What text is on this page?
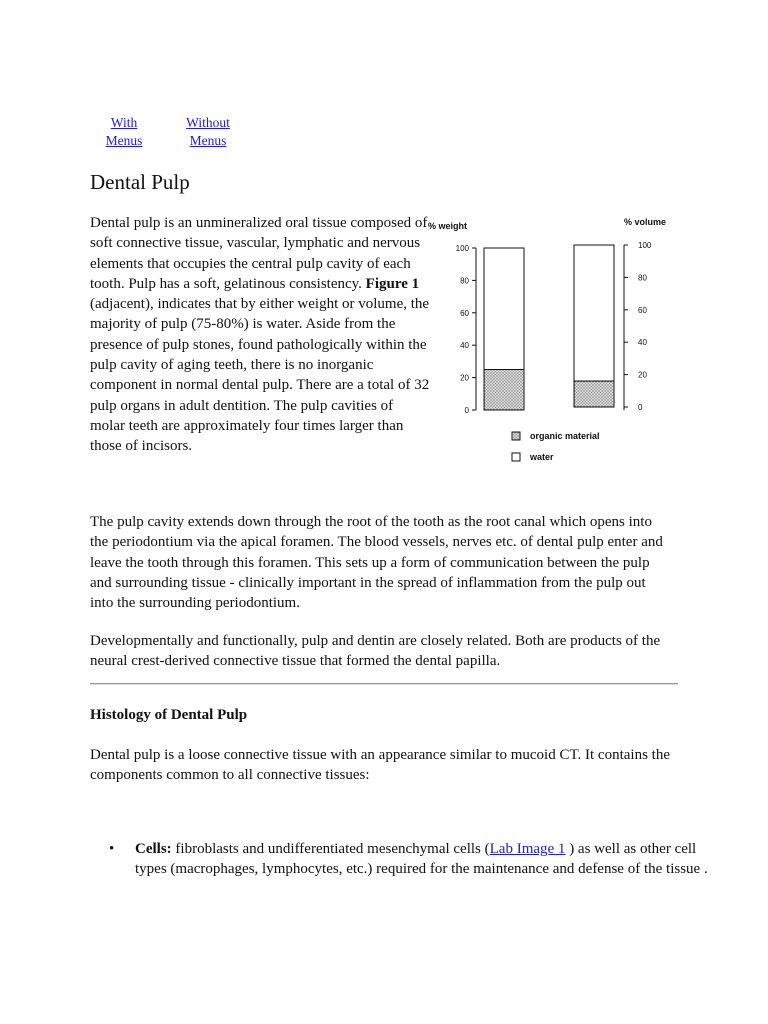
With
Menus
Without
Menus
Dental Pulp
Dental pulp is an unmineralized oral tissue composed of soft connective tissue, vascular, lymphatic and nervous elements that occupies the central pulp cavity of each tooth. Pulp has a soft, gelatinous consistency. Figure 1 (adjacent), indicates that by either weight or volume, the majority of pulp (75-80%) is water. Aside from the presence of pulp stones, found pathologically within the pulp cavity of aging teeth, there is no inorganic component in normal dental pulp. There are a total of 32 pulp organs in adult dentition. The pulp cavities of molar teeth are approximately four times larger than those of incisors.
0
20
40
60
80
100
% weight
0
20
40
60
80
100
% volume
organic material
water
The pulp cavity extends down through the root of the tooth as the root canal which opens into the periodontium via the apical foramen. The blood vessels, nerves etc. of dental pulp enter and leave the tooth through this foramen. This sets up a form of communication between the pulp and surrounding tissue - clinically important in the spread of inflammation from the pulp out into the surrounding periodontium.
Developmentally and functionally, pulp and dentin are closely related. Both are products of the neural crest-derived connective tissue that formed the dental papilla.
Histology of Dental Pulp
Dental pulp is a loose connective tissue with an appearance similar to mucoid CT. It contains the components common to all connective tissues:
• Cells: fibroblasts and undifferentiated mesenchymal cells (Lab Image 1 ) as well as other cell types (macrophages, lymphocytes, etc.) required for the maintenance and defense of the tissue .
